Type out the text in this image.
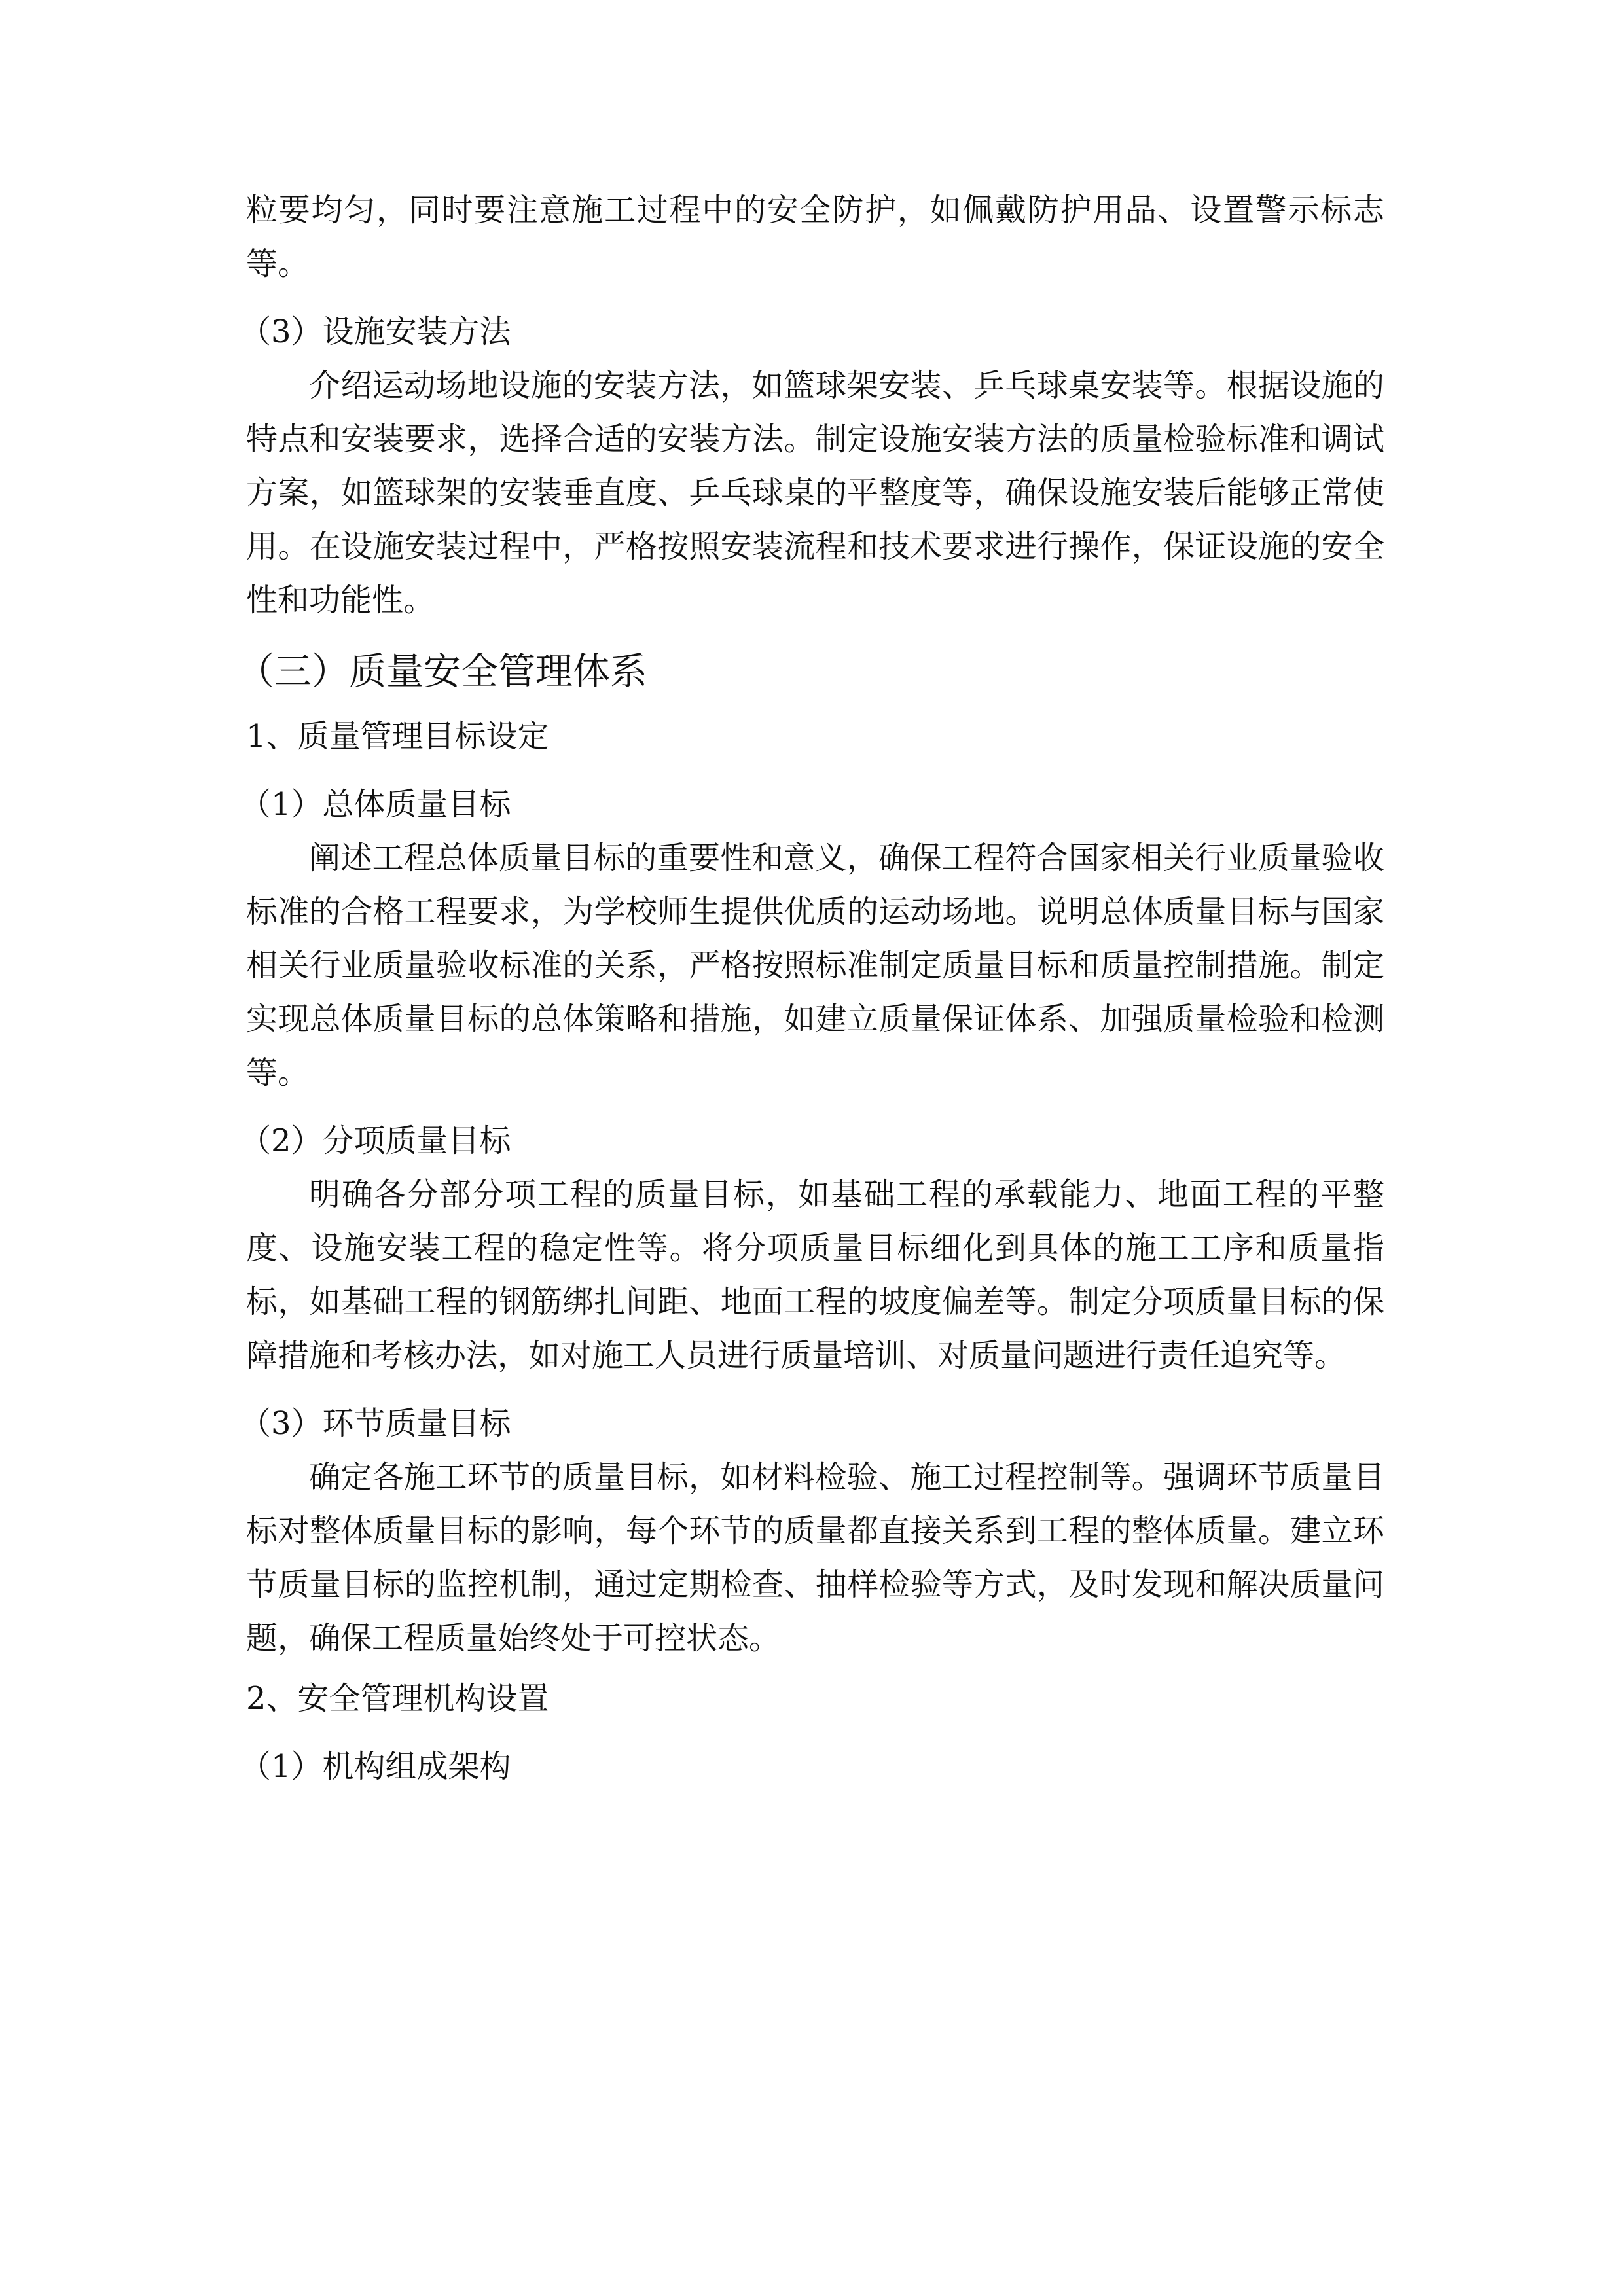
粒要均匀，同时要注意施工过程中的安全防护，如佩戴防护用品、设置警示标志等。

（3）设施安装方法

介绍运动场地设施的安装方法，如篮球架安装、乒乓球桌安装等。根据设施的特点和安装要求，选择合适的安装方法。制定设施安装方法的质量检验标准和调试方案，如篮球架的安装垂直度、乒乓球桌的平整度等，确保设施安装后能够正常使用。在设施安装过程中，严格按照安装流程和技术要求进行操作，保证设施的安全性和功能性。

（三）质量安全管理体系

1、质量管理目标设定

（1）总体质量目标

阐述工程总体质量目标的重要性和意义，确保工程符合国家相关行业质量验收标准的合格工程要求，为学校师生提供优质的运动场地。说明总体质量目标与国家相关行业质量验收标准的关系，严格按照标准制定质量目标和质量控制措施。制定实现总体质量目标的总体策略和措施，如建立质量保证体系、加强质量检验和检测等。

（2）分项质量目标

明确各分部分项工程的质量目标，如基础工程的承载能力、地面工程的平整度、设施安装工程的稳定性等。将分项质量目标细化到具体的施工工序和质量指标，如基础工程的钢筋绑扎间距、地面工程的坡度偏差等。制定分项质量目标的保障措施和考核办法，如对施工人员进行质量培训、对质量问题进行责任追究等。

（3）环节质量目标

确定各施工环节的质量目标，如材料检验、施工过程控制等。强调环节质量目标对整体质量目标的影响，每个环节的质量都直接关系到工程的整体质量。建立环节质量目标的监控机制，通过定期检查、抽样检验等方式，及时发现和解决质量问题，确保工程质量始终处于可控状态。

2、安全管理机构设置

（1）机构组成架构
